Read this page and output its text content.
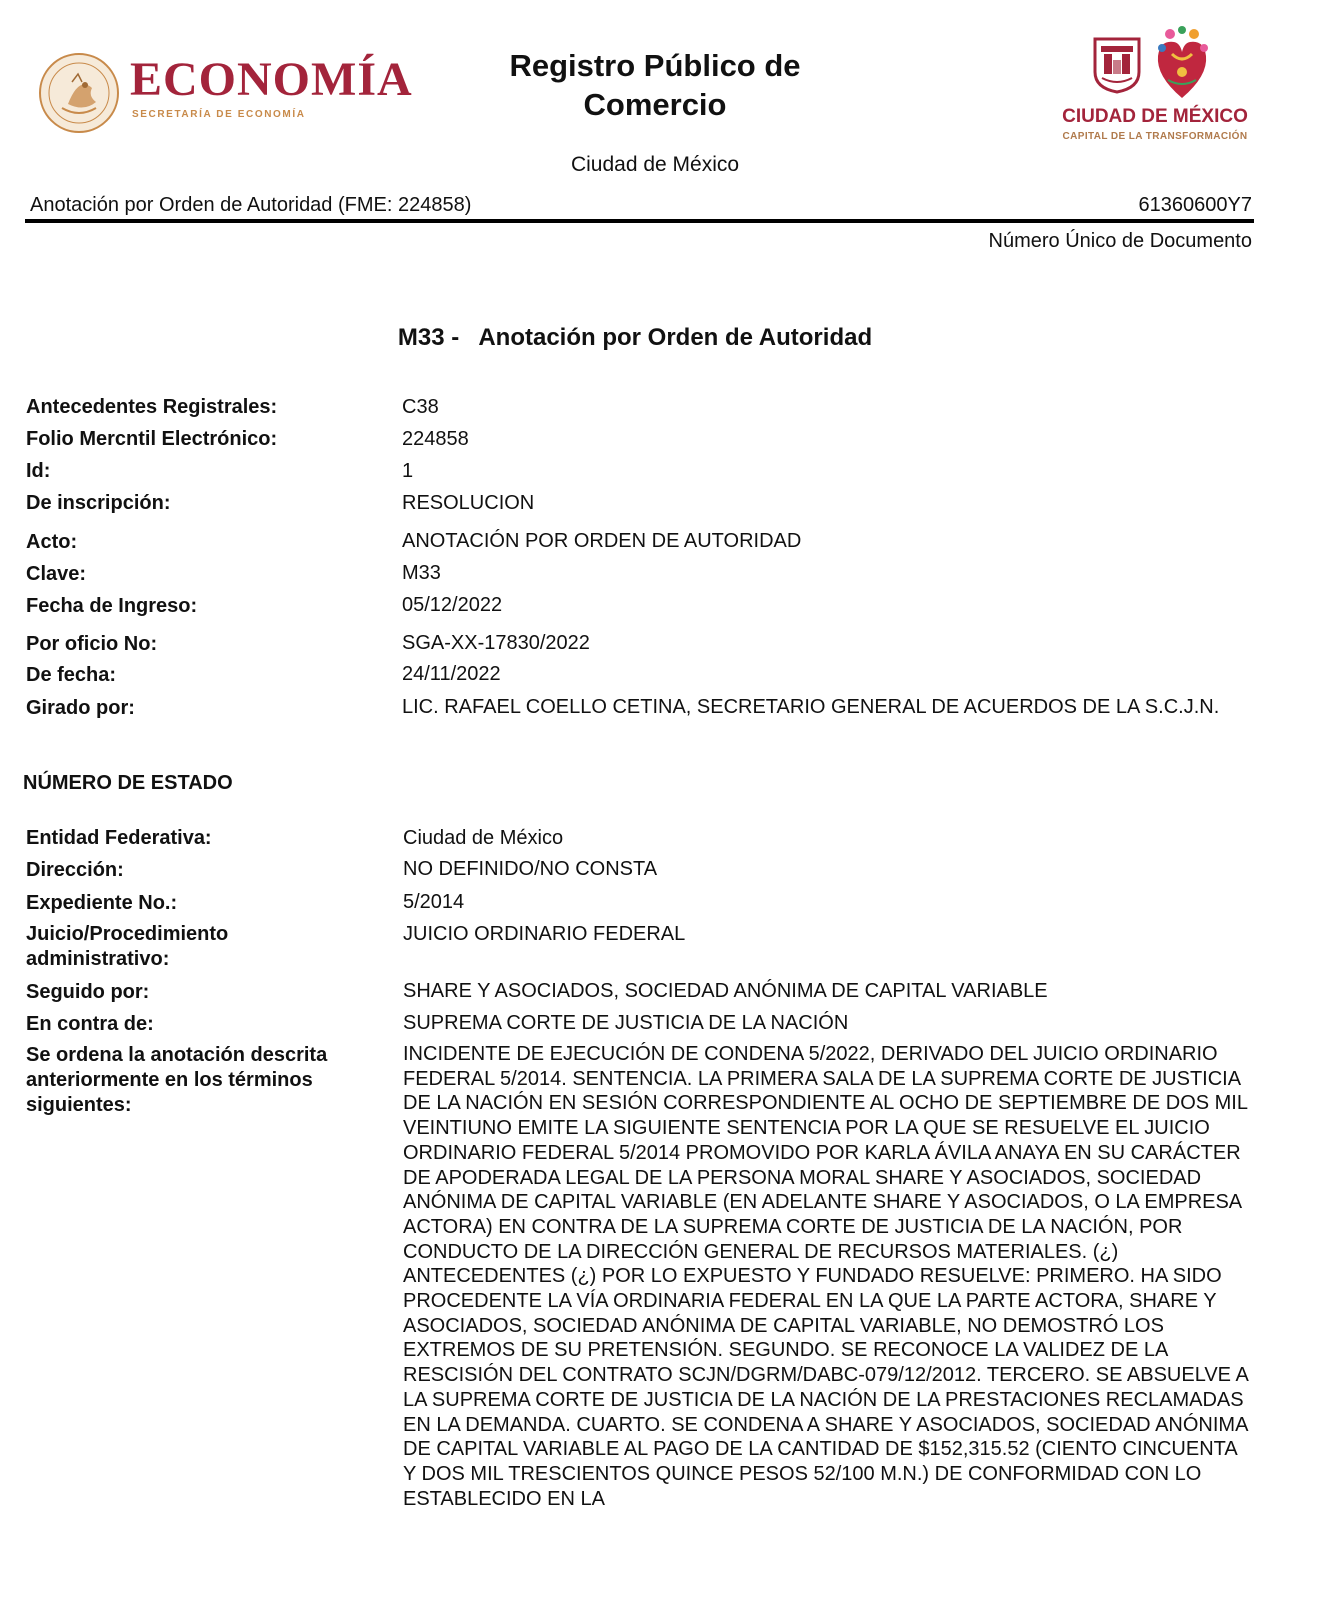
ECONOMÍA
SECRETARÍA DE ECONOMÍA
Registro Público de
Comercio
Ciudad de México
CIUDAD DE MÉXICO
CAPITAL DE LA TRANSFORMACIÓN
Anotación por Orden de Autoridad (FME: 224858)	61360600Y7
Número Único de Documento
M33 -   Anotación por Orden de Autoridad
Antecedentes Registrales:	C38
Folio Mercntil Electrónico:	224858
Id:	1
De inscripción:	RESOLUCION
Acto:	ANOTACIÓN POR ORDEN DE AUTORIDAD
Clave:	M33
Fecha de Ingreso:	05/12/2022
Por oficio No:	SGA-XX-17830/2022
De fecha:	24/11/2022
Girado por:	LIC. RAFAEL COELLO CETINA, SECRETARIO GENERAL DE ACUERDOS DE LA S.C.J.N.
NÚMERO DE ESTADO
Entidad Federativa:	Ciudad de México
Dirección:	NO DEFINIDO/NO CONSTA
Expediente No.:	5/2014
Juicio/Procedimiento administrativo:
JUICIO ORDINARIO FEDERAL
Seguido por:	SHARE Y ASOCIADOS, SOCIEDAD ANÓNIMA DE CAPITAL VARIABLE
En contra de:	SUPREMA CORTE DE JUSTICIA DE LA NACIÓN
Se ordena la anotación descrita anteriormente en los términos siguientes:
INCIDENTE DE EJECUCIÓN DE CONDENA 5/2022, DERIVADO DEL JUICIO ORDINARIO FEDERAL 5/2014. SENTENCIA. LA PRIMERA SALA DE LA SUPREMA CORTE DE JUSTICIA DE LA NACIÓN EN SESIÓN CORRESPONDIENTE AL OCHO DE SEPTIEMBRE DE DOS MIL VEINTIUNO EMITE LA SIGUIENTE SENTENCIA POR LA QUE SE RESUELVE EL JUICIO ORDINARIO FEDERAL 5/2014 PROMOVIDO POR KARLA ÁVILA ANAYA EN SU CARÁCTER DE APODERADA LEGAL DE LA PERSONA MORAL SHARE Y ASOCIADOS, SOCIEDAD ANÓNIMA DE CAPITAL VARIABLE (EN ADELANTE SHARE Y ASOCIADOS, O LA EMPRESA ACTORA) EN CONTRA DE LA SUPREMA CORTE DE JUSTICIA DE LA NACIÓN, POR CONDUCTO DE LA DIRECCIÓN GENERAL DE RECURSOS MATERIALES. (¿) ANTECEDENTES (¿) POR LO EXPUESTO Y FUNDADO RESUELVE: PRIMERO. HA SIDO PROCEDENTE LA VÍA ORDINARIA FEDERAL EN LA QUE LA PARTE ACTORA, SHARE Y ASOCIADOS, SOCIEDAD ANÓNIMA DE CAPITAL VARIABLE, NO DEMOSTRÓ LOS EXTREMOS DE SU PRETENSIÓN. SEGUNDO. SE RECONOCE LA VALIDEZ DE LA RESCISIÓN DEL CONTRATO SCJN/DGRM/DABC-079/12/2012. TERCERO. SE ABSUELVE A LA SUPREMA CORTE DE JUSTICIA DE LA NACIÓN DE LA PRESTACIONES RECLAMADAS EN LA DEMANDA. CUARTO. SE CONDENA A SHARE Y ASOCIADOS, SOCIEDAD ANÓNIMA DE CAPITAL VARIABLE AL PAGO DE LA CANTIDAD DE $152,315.52 (CIENTO CINCUENTA Y DOS MIL TRESCIENTOS QUINCE PESOS 52/100 M.N.) DE CONFORMIDAD CON LO ESTABLECIDO EN LA
